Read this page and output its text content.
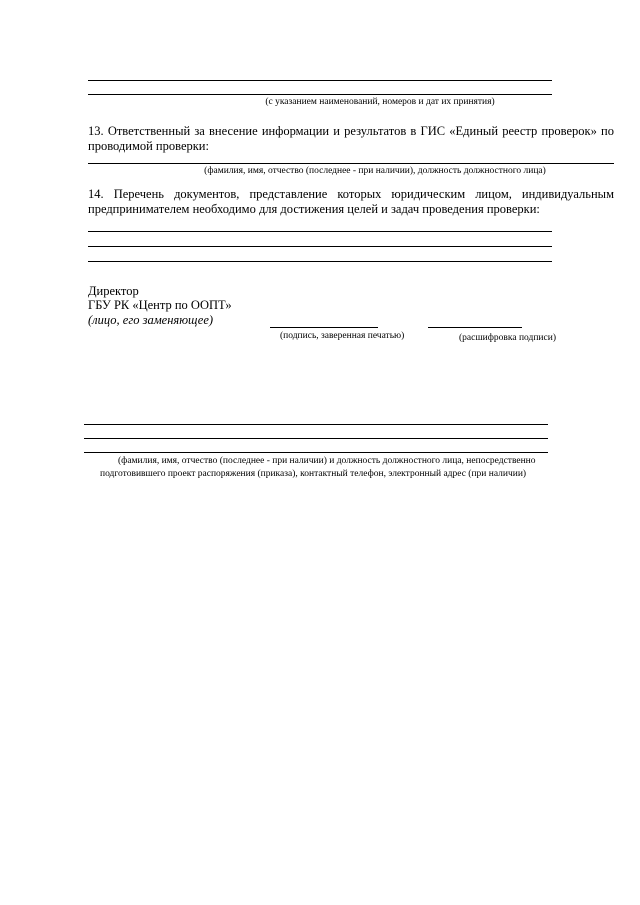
(с указанием наименований, номеров и дат их принятия)
13. Ответственный за внесение информации и результатов в ГИС «Единый реестр проверок» по проводимой проверки:
(фамилия, имя, отчество (последнее - при наличии), должность должностного лица)
14. Перечень документов, представление которых юридическим лицом, индивидуальным предпринимателем необходимо для достижения целей и задач проведения проверки:
Директор
ГБУ РК «Центр по ООПТ»
(лицо, его заменяющее)
(подпись, заверенная печатью)	(расшифровка подписи)
(фамилия, имя, отчество (последнее - при наличии) и должность должностного лица, непосредственно
подготовившего проект распоряжения (приказа), контактный телефон, электронный адрес (при наличии)
